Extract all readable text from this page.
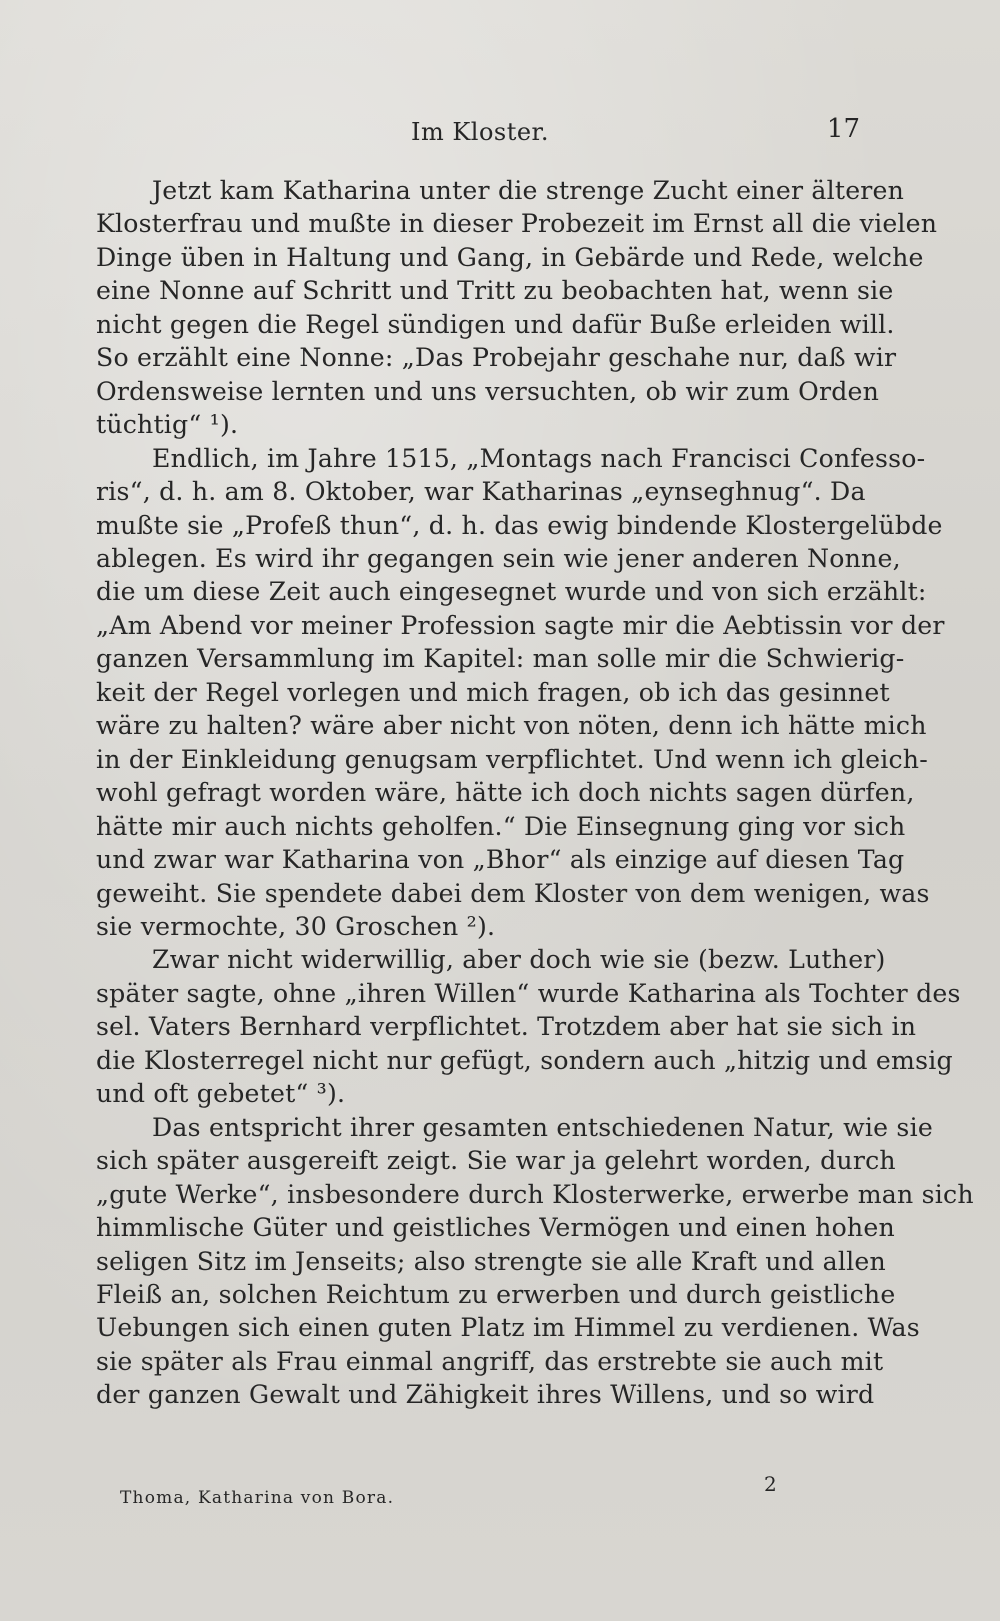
Im Kloster.	17
Jetzt kam Katharina unter die strenge Zucht einer älteren
Klosterfrau und mußte in dieser Probezeit im Ernst all die vielen
Dinge üben in Haltung und Gang, in Gebärde und Rede, welche
eine Nonne auf Schritt und Tritt zu beobachten hat, wenn sie
nicht gegen die Regel sündigen und dafür Buße erleiden will.
So erzählt eine Nonne: „Das Probejahr geschahe nur, daß wir
Ordensweise lernten und uns versuchten, ob wir zum Orden
tüchtig“ ¹).
Endlich, im Jahre 1515, „Montags nach Francisci Confesso-
ris“, d. h. am 8. Oktober, war Katharinas „eynseghnug“. Da
mußte sie „Profeß thun“, d. h. das ewig bindende Klostergelübde
ablegen. Es wird ihr gegangen sein wie jener anderen Nonne,
die um diese Zeit auch eingesegnet wurde und von sich erzählt:
„Am Abend vor meiner Profession sagte mir die Aebtissin vor der
ganzen Versammlung im Kapitel: man solle mir die Schwierig-
keit der Regel vorlegen und mich fragen, ob ich das gesinnet
wäre zu halten? wäre aber nicht von nöten, denn ich hätte mich
in der Einkleidung genugsam verpflichtet. Und wenn ich gleich-
wohl gefragt worden wäre, hätte ich doch nichts sagen dürfen,
hätte mir auch nichts geholfen.“ Die Einsegnung ging vor sich
und zwar war Katharina von „Bhor“ als einzige auf diesen Tag
geweiht. Sie spendete dabei dem Kloster von dem wenigen, was
sie vermochte, 30 Groschen ²).
Zwar nicht widerwillig, aber doch wie sie (bezw. Luther)
später sagte, ohne „ihren Willen“ wurde Katharina als Tochter des
sel. Vaters Bernhard verpflichtet. Trotzdem aber hat sie sich in
die Klosterregel nicht nur gefügt, sondern auch „hitzig und emsig
und oft gebetet“ ³).
Das entspricht ihrer gesamten entschiedenen Natur, wie sie
sich später ausgereift zeigt. Sie war ja gelehrt worden, durch
„gute Werke“, insbesondere durch Klosterwerke, erwerbe man sich
himmlische Güter und geistliches Vermögen und einen hohen
seligen Sitz im Jenseits; also strengte sie alle Kraft und allen
Fleiß an, solchen Reichtum zu erwerben und durch geistliche
Uebungen sich einen guten Platz im Himmel zu verdienen. Was
sie später als Frau einmal angriff, das erstrebte sie auch mit
der ganzen Gewalt und Zähigkeit ihres Willens, und so wird
Thoma, Katharina von Bora.
2
